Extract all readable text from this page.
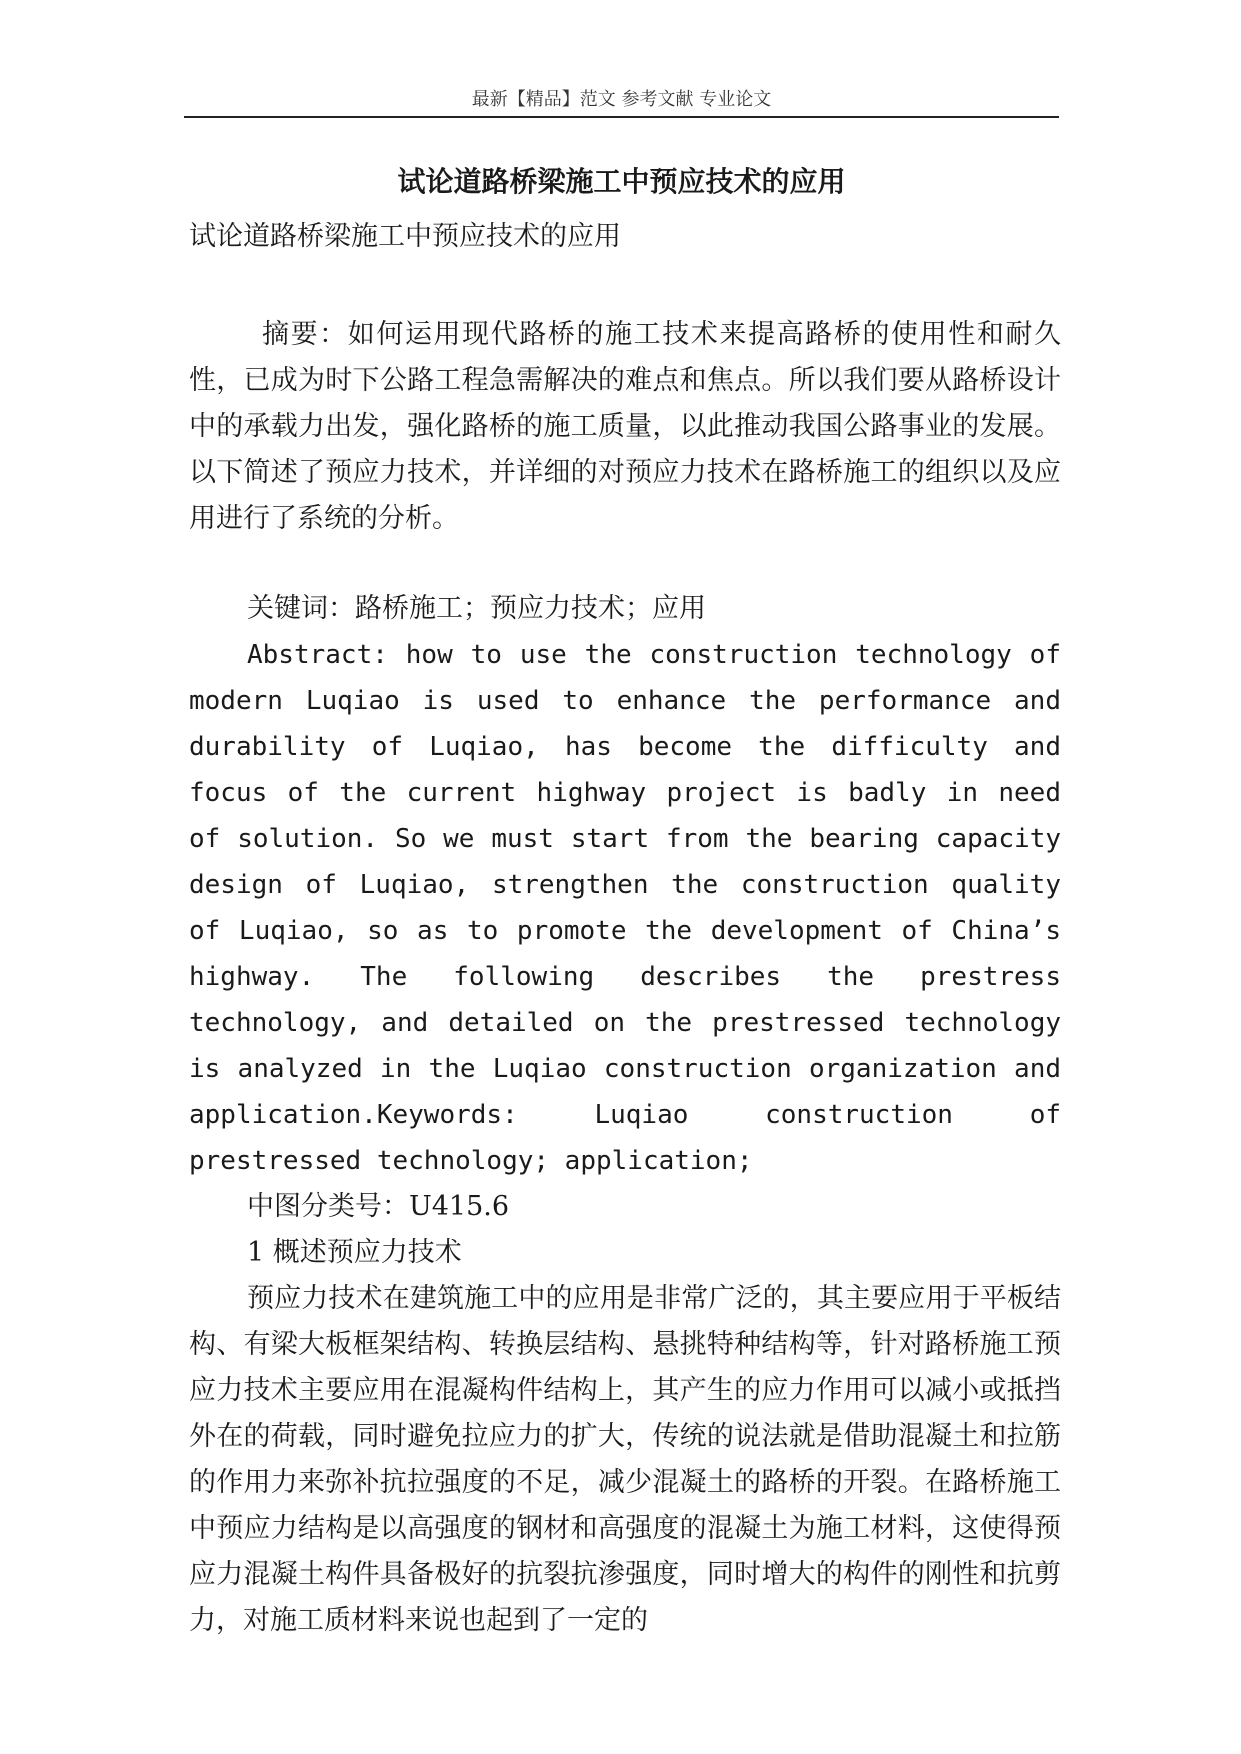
最新【精品】范文 参考文献 专业论文
试论道路桥梁施工中预应技术的应用

试论道路桥梁施工中预应技术的应用

摘要：如何运用现代路桥的施工技术来提高路桥的使用性和耐久性，已成为时下公路工程急需解决的难点和焦点。所以我们要从路桥设计中的承载力出发，强化路桥的施工质量，以此推动我国公路事业的发展。以下简述了预应力技术，并详细的对预应力技术在路桥施工的组织以及应用进行了系统的分析。

关键词：路桥施工；预应力技术；应用

Abstract: how to use the construction technology of modern Luqiao is used to enhance the performance and durability of Luqiao, has become the difficulty and focus of the current highway project is badly in need of solution. So we must start from the bearing capacity design of Luqiao, strengthen the construction quality of Luqiao, so as to promote the development of China’s highway. The following describes the prestress technology, and detailed on the prestressed technology is analyzed in the Luqiao construction organization and application.Keywords: Luqiao construction of prestressed technology; application;

中图分类号：U415.6

1 概述预应力技术

预应力技术在建筑施工中的应用是非常广泛的，其主要应用于平板结构、有梁大板框架结构、转换层结构、悬挑特种结构等，针对路桥施工预应力技术主要应用在混凝构件结构上，其产生的应力作用可以减小或抵挡外在的荷载，同时避免拉应力的扩大，传统的说法就是借助混凝土和拉筋的作用力来弥补抗拉强度的不足，减少混凝土的路桥的开裂。在路桥施工中预应力结构是以高强度的钢材和高强度的混凝土为施工材料，这使得预应力混凝土构件具备极好的抗裂抗渗强度，同时增大的构件的刚性和抗剪力，对施工质材料来说也起到了一定的
